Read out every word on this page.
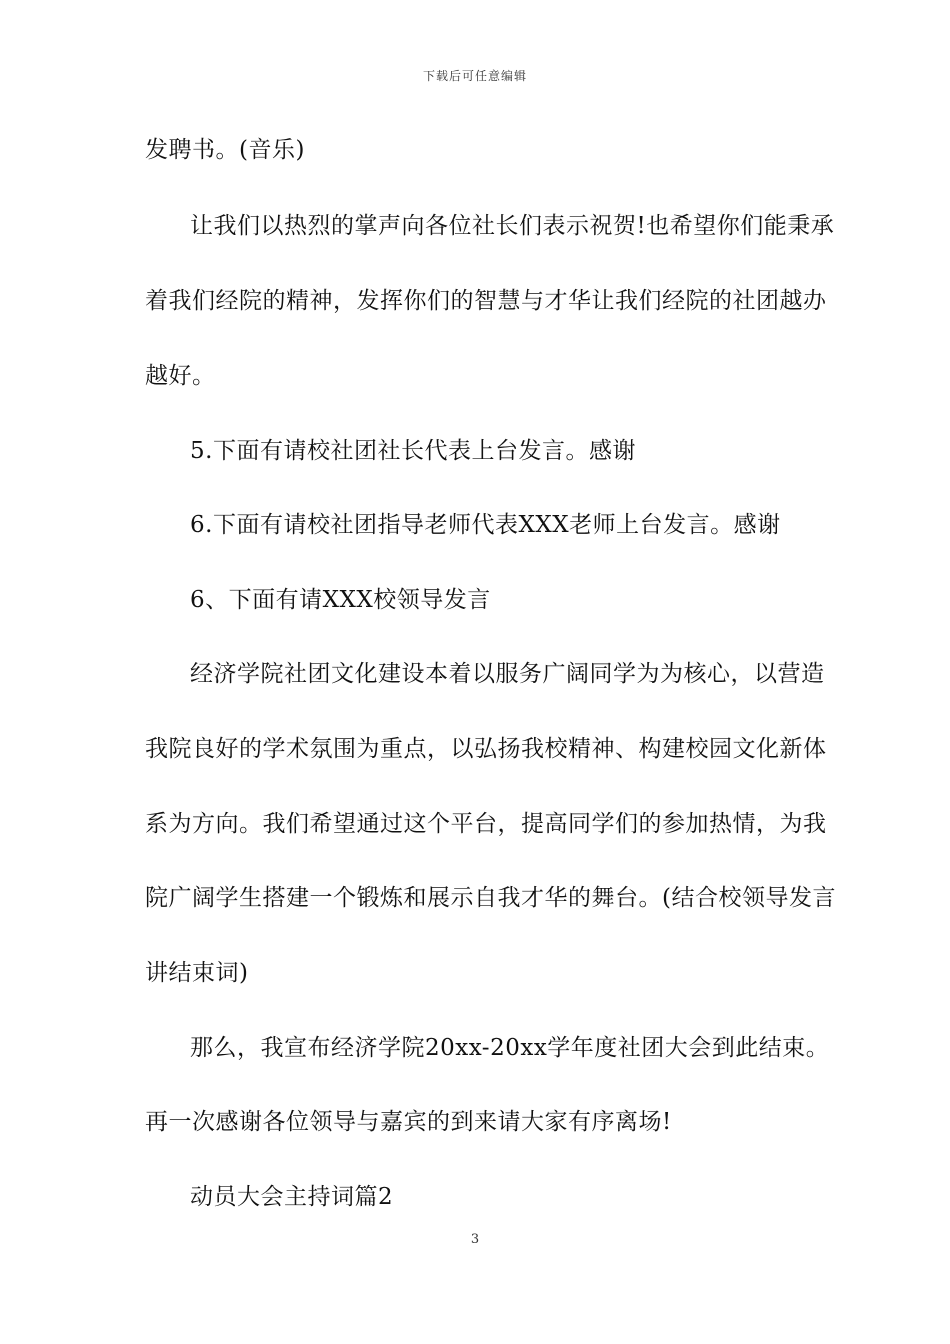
下载后可任意编辑
发聘书。(音乐)
让我们以热烈的掌声向各位社长们表示祝贺!也希望你们能秉承
着我们经院的精神，发挥你们的智慧与才华让我们经院的社团越办
越好。
5.下面有请校社团社长代表上台发言。感谢
6.下面有请校社团指导老师代表XXX老师上台发言。感谢
6、下面有请XXX校领导发言
经济学院社团文化建设本着以服务广阔同学为为核心，以营造
我院良好的学术氛围为重点，以弘扬我校精神、构建校园文化新体
系为方向。我们希望通过这个平台，提高同学们的参加热情，为我
院广阔学生搭建一个锻炼和展示自我才华的舞台。(结合校领导发言
讲结束词)
那么，我宣布经济学院20xx-20xx学年度社团大会到此结束。
再一次感谢各位领导与嘉宾的到来请大家有序离场!
动员大会主持词篇2
3
